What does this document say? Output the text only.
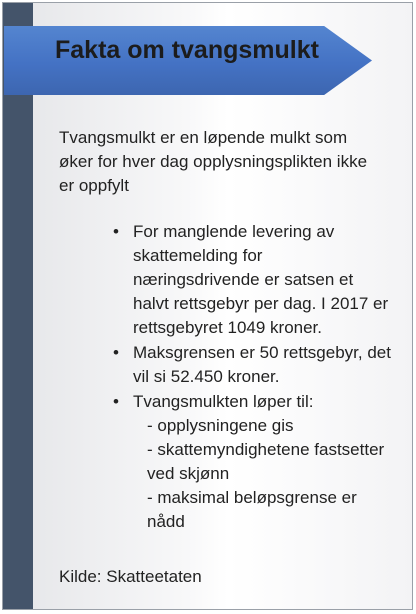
Fakta om tvangsmulkt

Tvangsmulkt er en løpende mulkt som øker for hver dag opplysningsplikten ikke er oppfylt

• For manglende levering av skattemelding for næringsdrivende er satsen et halvt rettsgebyr per dag. I 2017 er rettsgebyret 1049 kroner.
• Maksgrensen er 50 rettsgebyr, det vil si 52.450 kroner.
• Tvangsmulkten løper til:
- opplysningene gis
- skattemyndighetene fastsetter ved skjønn
- maksimal beløpsgrense er nådd
Kilde: Skatteetaten
